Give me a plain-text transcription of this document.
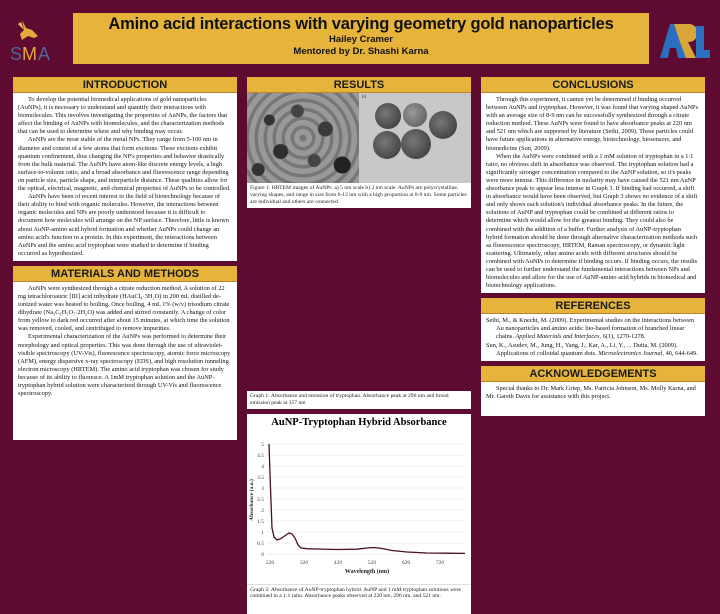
S M A
Amino acid interactions with varying geometry gold nanoparticles
Hailey Cramer
Mentored by Dr. Shashi Karna
INTRODUCTION

To develop the potential biomedical applications of gold nanoparticles (AuNPs), it is necessary to understand and quantify their interactions with biomolecules. This involves investigating the properties of AuNPs, the factors that affect the binding of AuNPs with biomolecules, and the characterization methods that can be used to determine where and why binding may occur.

AuNPs are the most stable of the metal NPs. They range from 5-100 nm in diameter and consist of a few atoms that form excitons. These excitons exhibit quantum confinement, thus changing the NP's properties and behavior drastically from the bulk material. The AuNPs have atom-like discrete energy levels, a high surface-to-volume ratio, and a broad absorbance and fluorescence range depending on particle size, particle shape, and interparticle distance. These qualities allow for the optical, electrical, magnetic, and chemical properties of AuNPs to be controlled.

AuNPs have been of recent interest to the field of biotechnology because of their ability to bind with organic molecules. However, the interactions between organic molecules and NPs are poorly understood because it is difficult to document how molecules will arrange on the NP surface. Therefore, little is known about AuNP-amino acid hybrid formation and whether AuNPs could change an amino acid's function in a protein. In this experiment, the interactions between AuNPs and the amino acid tryptophan were studied to determine if binding occurred as hypothesized.

MATERIALS AND METHODS

AuNPs were synthesized through a citrate reduction method. A solution of 22 mg tetrachloroauric [III] acid trihydrate (HAuCl₄·3H₂O) in 200 mL distilled de-ionized water was heated to boiling. Once boiling, 4 mL 1% (w/v) trisodium citrate dihydrate (Na₃C₆H₅O₇·2H₂O) was added and stirred constantly. A change of color from yellow to dark red occurred after about 15 minutes, at which time the solution was removed, cooled, and centrifuged to remove impurities.

Experimental characterization of the AuNPs was performed to determine their morphology and optical properties. This was done through the use of ultraviolet-visible spectroscopy (UV-Vis), fluorescence spectroscopy, atomic force microscopy (AFM), energy dispersive x-ray spectroscopy (EDS), and high resolution tunneling electron microscopy (HRTEM). The amino acid tryptophan was chosen for study because of its ability to fluoresce. A 1mM tryptophan solution and the AuNP-tryptophan hybrid solution were characterized through UV-Vis and fluorescence spectroscopy.

RESULTS
b)
Figure 1: HRTEM images of AuNPs. a) 5 nm scale b) 2 nm scale. AuNPs are polycrystalline, varying shapes, and range in size from 6-12 nm with a high proportion at 8-9 nm. Some particles are individual and others are connected.
Graph 1: Absorbance and emission of tryptophan. Absorbance peak at 296 nm and broad emission peak at 357 nm
AuNP-Tryptophan Hybrid Absorbance
5
4.5
4
3.5
3
2.5
2
1.5
1
0.5
0
220	320	420	520	620	720
Wavelength (nm)
Absorbance (a.u.)
Graph 2: Absorbance of AuNP-tryptophan hybrid. AuNP and 1 mM tryptophan solutions were combined in a 1:1 ratio. Absorbance peaks observed at 220 nm, 296 nm, and 521 nm.
CONCLUSIONS

Through this experiment, it cannot yet be determined if binding occurred between AuNPs and tryptophan. However, it was found that varying shaped AuNPs with an average size of 8-9 nm can be successfully synthesized through a citrate reduction method. These AuNPs were found to have absorbance peaks at 220 nm and 521 nm which are supported by literature (Sethi, 2009). These particles could have future applications in alternative energy, biotechnology, biosensors, and biomedicine (Sun, 2009).

When the AuNPs were combined with a 1 mM solution of tryptophan in a 1:1 ratio, no obvious shift in absorbance was observed. The tryptophan solution had a significantly stronger concentration compared to the AuNP solution, so it's peaks were more intense. This difference in molarity may have caused the 521 nm AuNP absorbance peak to appear less intense in Graph 3. If binding had occurred, a shift in absorbance would have been observed, but Graph 3 shows no evidence of a shift and only shows each solution's individual absorbance peaks. In the future, the solutions of AuNP and tryptophan could be combined at different ratios to determine which would allow for the greatest binding. They could also be combined with the addition of a buffer. Further analysis of AuNP-tryptophan hybrid formation should be done through alternative characterization methods such as fluorescence spectroscopy, HRTEM, Raman spectroscopy, or dynamic light scattering. Ultimately, other amino acids with different structures should be combined with AuNPs to determine if binding occurs. If binding occurs, the results can be used to further understand the fundamental interactions between NPs and biomolecules and allow for the use of AuNP-amino acid hybrids in biomedical and biotechnology applications.

REFERENCES
Sethi, M., & Knecht, M. (2009). Experimental studies on the interactions between Au nanoparticles and amino acids: bio-based formation of branched linear chains. Applied Materials and Interfaces, 6(1), 1270-1278.
Sun, K., Asudev, M., Jung, H., Yang, J., Kar, A., Li, Y., ... Dutta, M. (2009). Applications of colloidal quantum dots. Microelectronics Journal, 40, 644-649.
ACKNOWLEDGEMENTS

Special thanks to Dr. Mark Griep, Ms. Patricia Johnson, Ms. Molly Karna, and Mr. Gareth Davis for assistance with this project.
